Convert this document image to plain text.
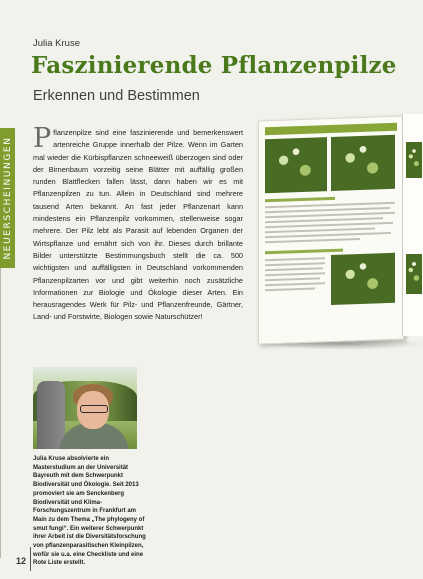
NEUERSCHEINUNGEN
Julia Kruse
Faszinierende Pflanzenpilze
Erkennen und Bestimmen
Pflanzenpilze sind eine faszinierende und bemerkenswert artenreiche Gruppe innerhalb der Pilze. Wenn im Garten mal wieder die Kürbispflanzen schneeweiß überzogen sind oder der Birnenbaum vorzeitig seine Blätter mit auffällig großen runden Blattflecken fallen lässt, dann haben wir es mit Pflanzenpilzen zu tun. Allein in Deutschland sind mehrere tausend Arten bekannt. An fast jeder Pflanzenart kann mindestens ein Pflanzenpilz vorkommen, stellenweise sogar mehrere. Der Pilz lebt als Parasit auf lebenden Organen der Wirtspflanze und ernährt sich von ihr. Dieses durch brillante Bilder unterstützte Bestimmungsbuch stellt die ca. 500 wichtigsten und auffälligsten in Deutschland vorkommenden Pflanzenpilzarten vor und gibt weiterhin noch zusätzliche Informationen zur Biologie und Ökologie dieser Arten. Ein herausragendes Werk für Pilz- und Pflanzenfreunde, Gärtner, Land- und Forstwirte, Biologen sowie Naturschützer!
Julia Kruse absolvierte ein Masterstudium an der Universität Bayreuth mit dem Schwerpunkt Biodiversität und Ökologie. Seit 2013 promoviert sie am Senckenberg Biodiversität und Klima-Forschungszentrum in Frankfurt am Main zu dem Thema „The phylogeny of smut fungi“. Ein weiterer Schwerpunkt ihrer Arbeit ist die Diversitätsforschung von pflanzenparasitischen Kleinpilzen, wofür sie u.a. eine Checkliste und eine Rote Liste erstellt.
12
